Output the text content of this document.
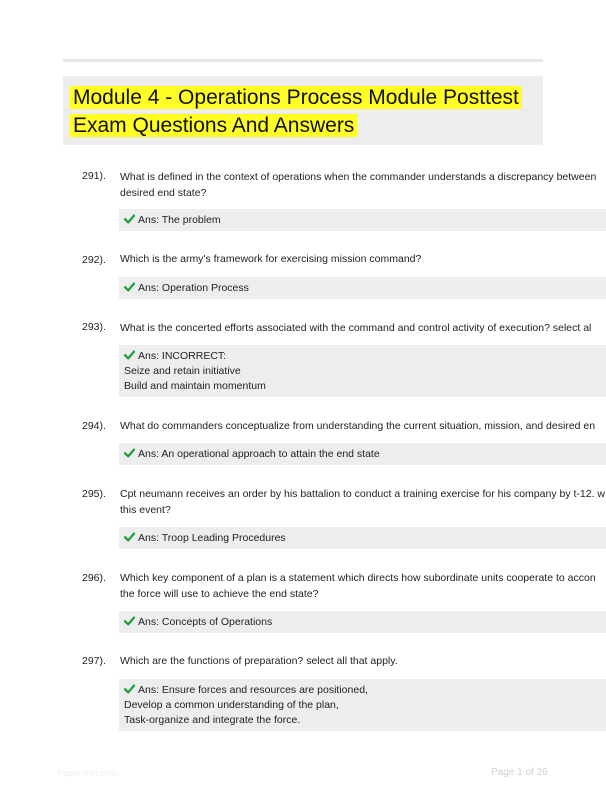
Module 4 - Operations Process Module Posttest
Exam Questions And Answers
291). What is defined in the context of operations when the commander understands a discrepancy between
desired end state?
Ans: The problem
292). Which is the army's framework for exercising mission command?
Ans: Operation Process
293). What is the concerted efforts associated with the command and control activity of execution? select al
Ans: INCORRECT:
Seize and retain initiative
Build and maintain momentum
294). What do commanders conceptualize from understanding the current situation, mission, and desired en
Ans: An operational approach to attain the end state
295). Cpt neumann receives an order by his battalion to conduct a training exercise for his company by t-12. w
this event?
Ans: Troop Leading Procedures
296). Which key component of a plan is a statement which directs how subordinate units cooperate to accon
the force will use to achieve the end state?
Ans: Concepts of Operations
297). Which are the functions of preparation? select all that apply.
Ans: Ensure forces and resources are positioned,
Develop a common understanding of the plan,
Task-organize and integrate the force.
Papersbin.com	Page 1 of 26
